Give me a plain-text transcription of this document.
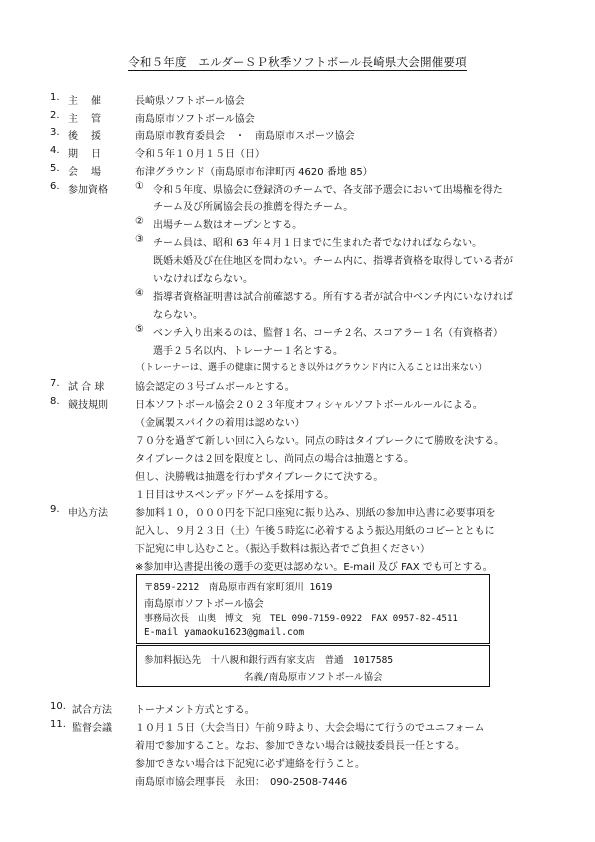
令和５年度　エルダーＳＰ秋季ソフトボール長崎県大会開催要項
1. 主　催	長崎県ソフトボール協会
2. 主　管	南島原市ソフトボール協会
3. 後　援	南島原市教育委員会　・　南島原市スポーツ協会
4. 期　日	令和５年１０月１５日（日）
5. 会　場	布津グラウンド（南島原市布津町丙 4620 番地 85）
6. 参加資格	① 令和５年度、県協会に登録済のチームで、各支部予選会において出場権を得た
チーム及び所属協会長の推薦を得たチーム。
② 出場チーム数はオープンとする。
③ チーム員は、昭和 63 年４月１日までに生まれた者でなければならない。
既婚未婚及び在住地区を問わない。チーム内に、指導者資格を取得している者が
いなければならない。
④ 指導者資格証明書は試合前確認する。所有する者が試合中ベンチ内にいなければ
ならない。
⑤ ベンチ入り出来るのは、監督１名、コーチ２名、スコアラー１名（有資格者）
選手２５名以内、トレーナー１名とする。
（トレーナーは、選手の健康に関するとき以外はグラウンド内に入ることは出来ない）
7. 試 合 球	協会認定の３号ゴムボールとする。
8. 競技規則	日本ソフトボール協会２０２３年度オフィシャルソフトボールルールによる。
（金属製スパイクの着用は認めない）
７０分を過ぎて新しい回に入らない。同点の時はタイブレークにて勝敗を決する。
タイブレークは２回を限度とし、尚同点の場合は抽選とする。
但し、決勝戦は抽選を行わずタイブレークにて決する。
１日目はサスペンデッドゲームを採用する。
9. 申込方法	参加料１０，０００円を下記口座宛に振り込み、別紙の参加申込書に必要事項を
記入し、９月２３日（土）午後５時迄に必着するよう振込用紙のコピーとともに
下記宛に申し込むこと。（振込手数料は振込者でご負担ください）
※参加申込書提出後の選手の変更は認めない。E-mail 及び FAX でも可とする。
〒859-2212　南島原市西有家町須川 1619
南島原市ソフトボール協会
事務局次長　山奥　博文　宛　TEL 090-7159-0922　FAX 0957-82-4511
E-mail yamaoku1623@gmail.com
参加料振込先　十八親和銀行西有家支店　普通　1017585
名義/南島原市ソフトボール協会
10. 試合方法 トーナメント方式とする。
11. 監督会議 １０月１５日（大会当日）午前９時より、大会会場にて行うのでユニフォーム
着用で参加すること。なお、参加できない場合は競技委員長一任とする。
参加できない場合は下記宛に必ず連絡を行うこと。
南島原市協会理事長　永田：　090-2508-7446
